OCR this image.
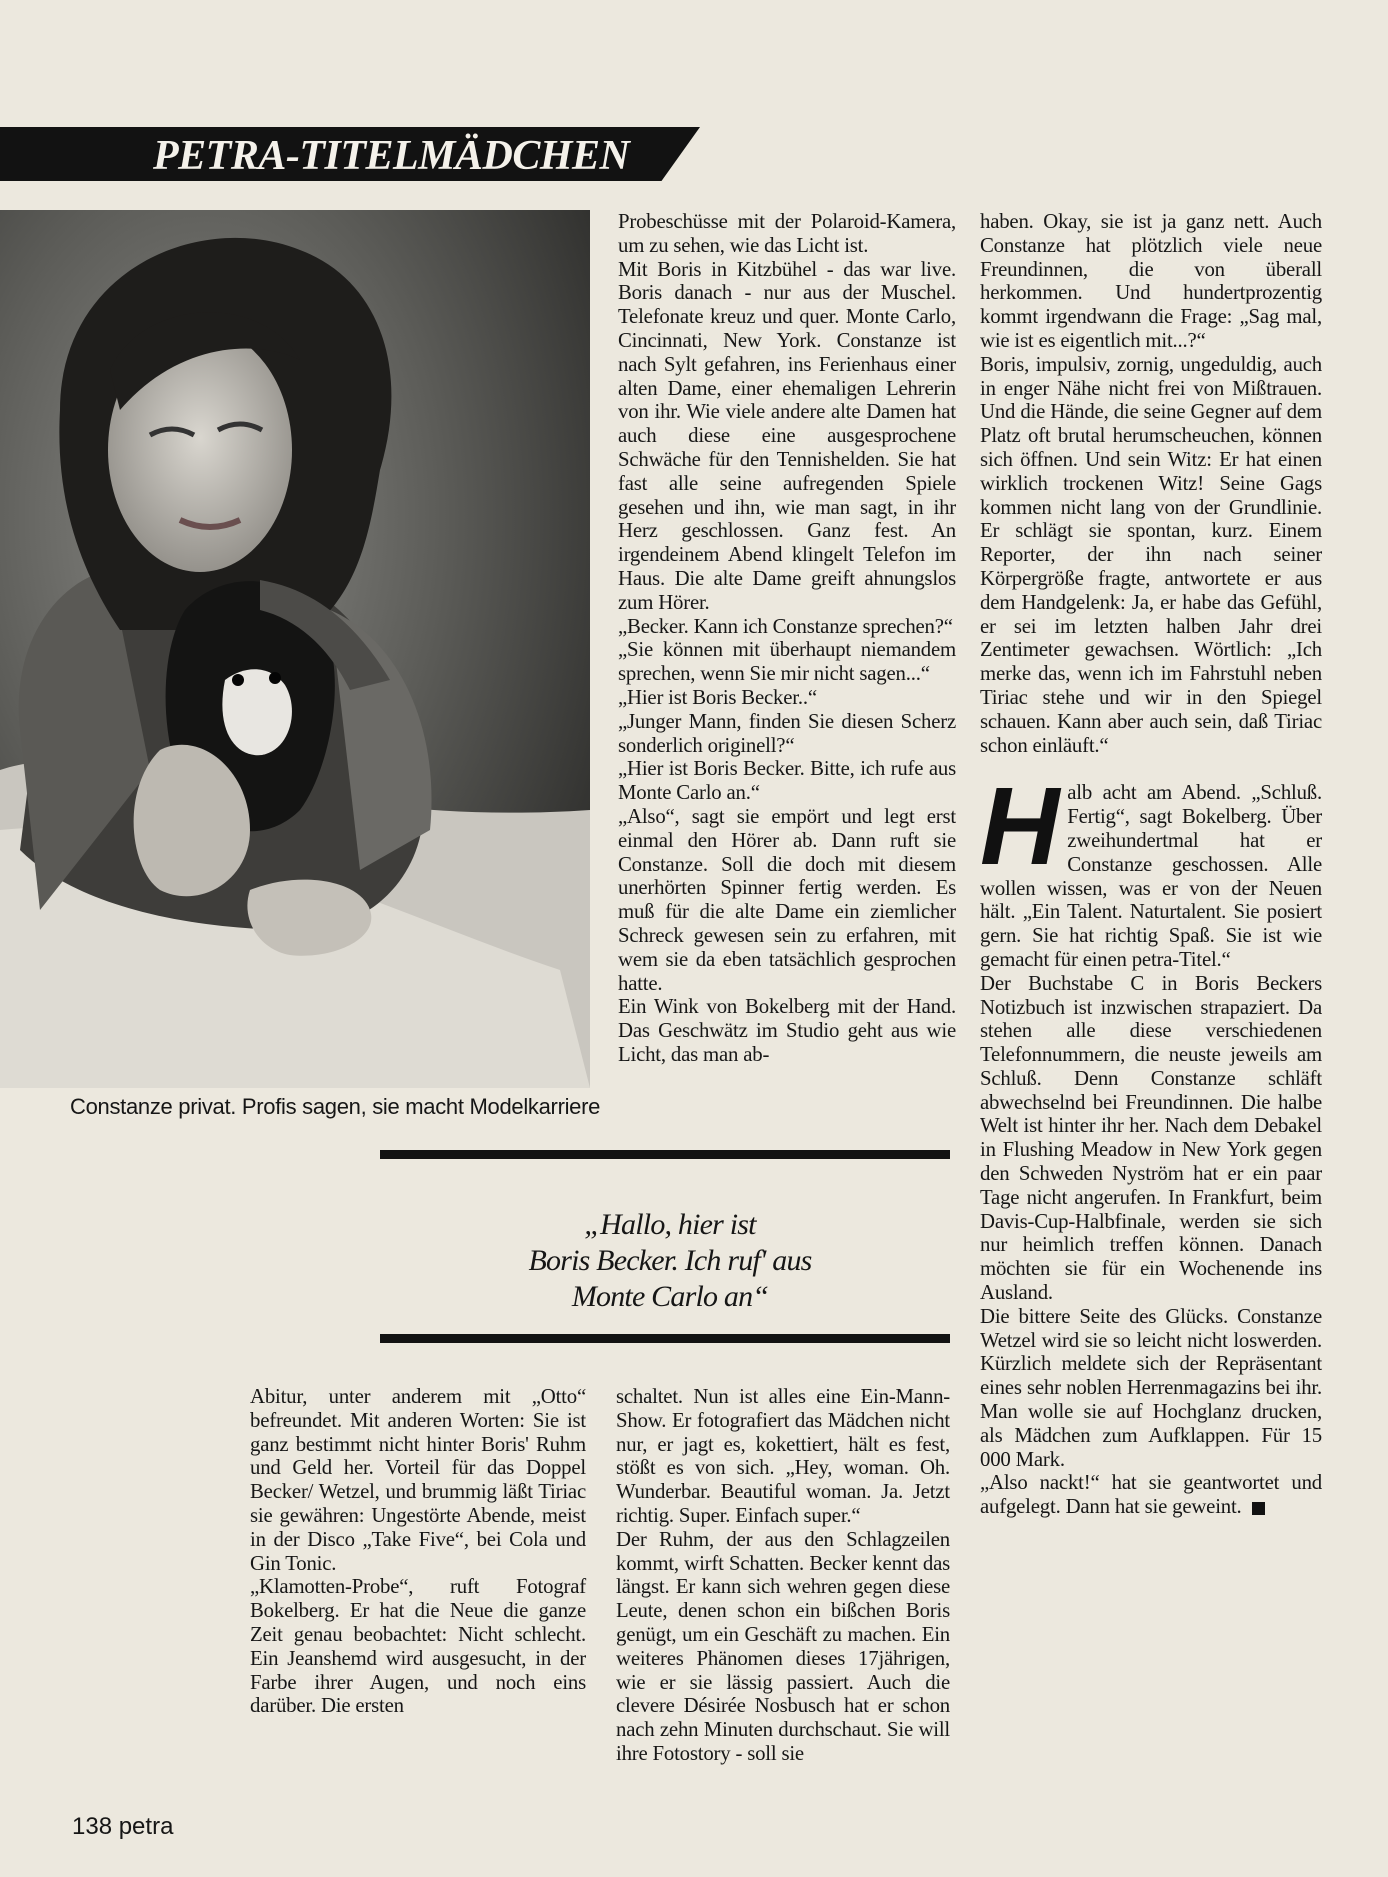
PETRA-TITELMÄDCHEN
Constanze privat. Profis sagen, sie macht Modelkarriere

Probeschüsse mit der Polaroid-Kamera, um zu sehen, wie das Licht ist.

Mit Boris in Kitzbühel - das war live. Boris danach - nur aus der Muschel. Telefonate kreuz und quer. Monte Carlo, Cincinnati, New York. Constanze ist nach Sylt gefahren, ins Ferienhaus einer alten Dame, einer ehemaligen Lehrerin von ihr. Wie viele andere alte Damen hat auch diese eine ausgesprochene Schwäche für den Tennishelden. Sie hat fast alle seine aufregenden Spiele gesehen und ihn, wie man sagt, in ihr Herz geschlossen. Ganz fest. An irgendeinem Abend klingelt Telefon im Haus. Die alte Dame greift ahnungslos zum Hörer.

„Becker. Kann ich Constanze sprechen?“

„Sie können mit überhaupt niemandem sprechen, wenn Sie mir nicht sagen...“

„Hier ist Boris Becker..“

„Junger Mann, finden Sie diesen Scherz sonderlich originell?“

„Hier ist Boris Becker. Bitte, ich rufe aus Monte Carlo an.“

„Also“, sagt sie empört und legt erst einmal den Hörer ab. Dann ruft sie Constanze. Soll die doch mit diesem unerhörten Spinner fertig werden. Es muß für die alte Dame ein ziemlicher Schreck gewesen sein zu erfahren, mit wem sie da eben tatsächlich gesprochen hatte.

Ein Wink von Bokelberg mit der Hand. Das Geschwätz im Studio geht aus wie Licht, das man ab-

haben. Okay, sie ist ja ganz nett. Auch Constanze hat plötzlich viele neue Freundinnen, die von überall herkommen. Und hundertprozentig kommt irgendwann die Frage: „Sag mal, wie ist es eigentlich mit...?“

Boris, impulsiv, zornig, ungeduldig, auch in enger Nähe nicht frei von Mißtrauen. Und die Hände, die seine Gegner auf dem Platz oft brutal herumscheuchen, können sich öffnen. Und sein Witz: Er hat einen wirklich trockenen Witz! Seine Gags kommen nicht lang von der Grundlinie. Er schlägt sie spontan, kurz. Einem Reporter, der ihn nach seiner Körpergröße fragte, antwortete er aus dem Handgelenk: Ja, er habe das Gefühl, er sei im letzten halben Jahr drei Zentimeter gewachsen. Wörtlich: „Ich merke das, wenn ich im Fahrstuhl neben Tiriac stehe und wir in den Spiegel schauen. Kann aber auch sein, daß Tiriac schon einläuft.“

Halb acht am Abend. „Schluß. Fertig“, sagt Bokelberg. Über zweihundertmal hat er Constanze geschossen. Alle wollen wissen, was er von der Neuen hält. „Ein Talent. Naturtalent. Sie posiert gern. Sie hat richtig Spaß. Sie ist wie gemacht für einen petra-Titel.“

Der Buchstabe C in Boris Beckers Notizbuch ist inzwischen strapaziert. Da stehen alle diese verschiedenen Telefonnummern, die neuste jeweils am Schluß. Denn Constanze schläft abwechselnd bei Freundinnen. Die halbe Welt ist hinter ihr her. Nach dem Debakel in Flushing Meadow in New York gegen den Schweden Nyström hat er ein paar Tage nicht angerufen. In Frankfurt, beim Davis-Cup-Halbfinale, werden sie sich nur heimlich treffen können. Danach möchten sie für ein Wochenende ins Ausland.

Die bittere Seite des Glücks. Constanze Wetzel wird sie so leicht nicht loswerden. Kürzlich meldete sich der Repräsentant eines sehr noblen Herrenmagazins bei ihr. Man wolle sie auf Hochglanz drucken, als Mädchen zum Aufklappen. Für 15 000 Mark.

„Also nackt!“ hat sie geantwortet und aufgelegt. Dann hat sie geweint.

„Hallo, hier ist
Boris Becker. Ich ruf' aus
Monte Carlo an“

Abitur, unter anderem mit „Otto“ befreundet. Mit anderen Worten: Sie ist ganz bestimmt nicht hinter Boris' Ruhm und Geld her. Vorteil für das Doppel Becker/ Wetzel, und brummig läßt Tiriac sie gewähren: Ungestörte Abende, meist in der Disco „Take Five“, bei Cola und Gin Tonic.

„Klamotten-Probe“, ruft Fotograf Bokelberg. Er hat die Neue die ganze Zeit genau beobachtet: Nicht schlecht. Ein Jeanshemd wird ausgesucht, in der Farbe ihrer Augen, und noch eins darüber. Die ersten

schaltet. Nun ist alles eine Ein-Mann-Show. Er fotografiert das Mädchen nicht nur, er jagt es, kokettiert, hält es fest, stößt es von sich. „Hey, woman. Oh. Wunderbar. Beautiful woman. Ja. Jetzt richtig. Super. Einfach super.“

Der Ruhm, der aus den Schlagzeilen kommt, wirft Schatten. Becker kennt das längst. Er kann sich wehren gegen diese Leute, denen schon ein bißchen Boris genügt, um ein Geschäft zu machen. Ein weiteres Phänomen dieses 17jährigen, wie er sie lässig passiert. Auch die clevere Désirée Nosbusch hat er schon nach zehn Minuten durchschaut. Sie will ihre Fotostory - soll sie

138 petra
